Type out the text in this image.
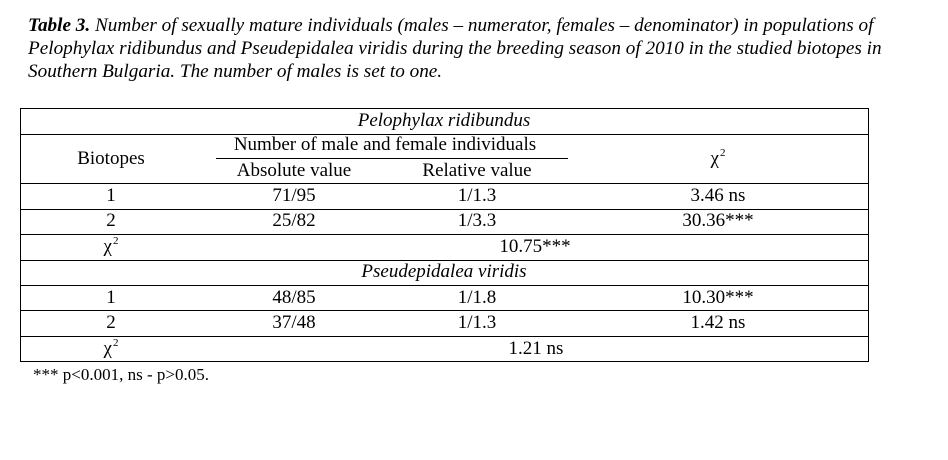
Table 3. Number of sexually mature individuals (males – numerator, females – denominator) in populations of Pelophylax ridibundus and Pseudepidalea viridis during the breeding season of 2010 in the studied biotopes in Southern Bulgaria. The number of males is set to one.
Pelophylax ridibundus
Biotopes
Number of male and female individuals
Absolute value	Relative value
$\chi^2$
1	71/95	1/1.3	3.46 ns
2	25/82	1/3.3	30.36***
$\chi^2$	10.75***
Pseudepidalea viridis
1	48/85	1/1.8	10.30***
2	37/48	1/1.3	1.42 ns
$\chi^2$	1.21 ns
*** p<0.001, ns - p>0.05.
